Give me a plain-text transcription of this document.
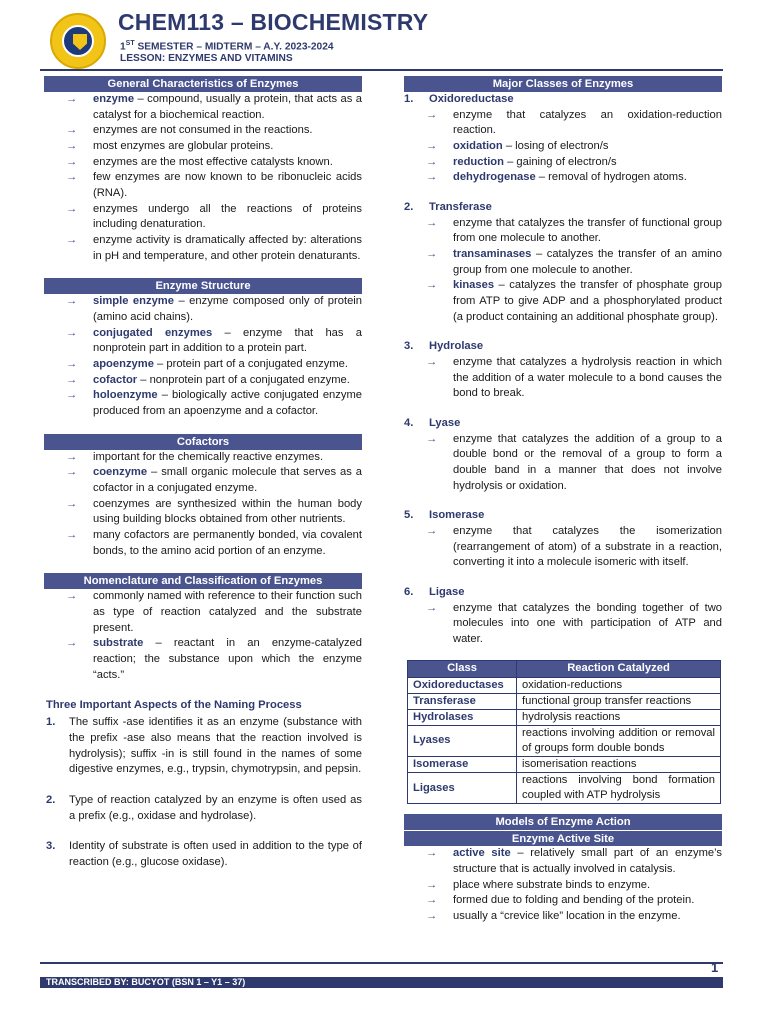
CHEM113 – BIOCHEMISTRY
1ST SEMESTER – MIDTERM – A.Y. 2023-2024
LESSON: ENZYMES AND VITAMINS
General Characteristics of Enzymes
→ enzyme – compound, usually a protein, that acts as a catalyst for a biochemical reaction.
→ enzymes are not consumed in the reactions.
→ most enzymes are globular proteins.
→ enzymes are the most effective catalysts known.
→ few enzymes are now known to be ribonucleic acids (RNA).
→ enzymes undergo all the reactions of proteins including denaturation.
→ enzyme activity is dramatically affected by: alterations in pH and temperature, and other protein denaturants.
Enzyme Structure
→ simple enzyme – enzyme composed only of protein (amino acid chains).
→ conjugated enzymes – enzyme that has a nonprotein part in addition to a protein part.
→ apoenzyme – protein part of a conjugated enzyme.
→ cofactor – nonprotein part of a conjugated enzyme.
→ holoenzyme – biologically active conjugated enzyme produced from an apoenzyme and a cofactor.
Cofactors
→ important for the chemically reactive enzymes.
→ coenzyme – small organic molecule that serves as a cofactor in a conjugated enzyme.
→ coenzymes are synthesized within the human body using building blocks obtained from other nutrients.
→ many cofactors are permanently bonded, via covalent bonds, to the amino acid portion of an enzyme.
Nomenclature and Classification of Enzymes
→ commonly named with reference to their function such as type of reaction catalyzed and the substrate present.
→ substrate – reactant in an enzyme-catalyzed reaction; the substance upon which the enzyme “acts.”
Three Important Aspects of the Naming Process
1. The suffix -ase identifies it as an enzyme (substance with the prefix -ase also means that the reaction involved is hydrolysis); suffix -in is still found in the names of some digestive enzymes, e.g., trypsin, chymotrypsin, and pepsin.
2. Type of reaction catalyzed by an enzyme is often used as a prefix (e.g., oxidase and hydrolase).
3. Identity of substrate is often used in addition to the type of reaction (e.g., glucose oxidase).
Major Classes of Enzymes
1. Oxidoreductase
→ enzyme that catalyzes an oxidation-reduction reaction.
→ oxidation – losing of electron/s
→ reduction – gaining of electron/s
→ dehydrogenase – removal of hydrogen atoms.
2. Transferase
→ enzyme that catalyzes the transfer of functional group from one molecule to another.
→ transaminases – catalyzes the transfer of an amino group from one molecule to another.
→ kinases – catalyzes the transfer of phosphate group from ATP to give ADP and a phosphorylated product (a product containing an additional phosphate group).
3. Hydrolase
→ enzyme that catalyzes a hydrolysis reaction in which the addition of a water molecule to a bond causes the bond to break.
4. Lyase
→ enzyme that catalyzes the addition of a group to a double bond or the removal of a group to form a double band in a manner that does not involve hydrolysis or oxidation.
5. Isomerase
→ enzyme that catalyzes the isomerization (rearrangement of atom) of a substrate in a reaction, converting it into a molecule isomeric with itself.
6. Ligase
→ enzyme that catalyzes the bonding together of two molecules into one with participation of ATP and water.
Class	Reaction Catalyzed
Oxidoreductases	oxidation-reductions
Transferase	functional group transfer reactions
Hydrolases	hydrolysis reactions
Lyases	reactions involving addition or removal of groups form double bonds
Isomerase	isomerisation reactions
Ligases	reactions involving bond formation coupled with ATP hydrolysis
Models of Enzyme Action
Enzyme Active Site
→ active site – relatively small part of an enzyme’s structure that is actually involved in catalysis.
→ place where substrate binds to enzyme.
→ formed due to folding and bending of the protein.
→ usually a “crevice like” location in the enzyme.
1
TRANSCRIBED BY: BUCYOT (BSN 1 – Y1 – 37)
